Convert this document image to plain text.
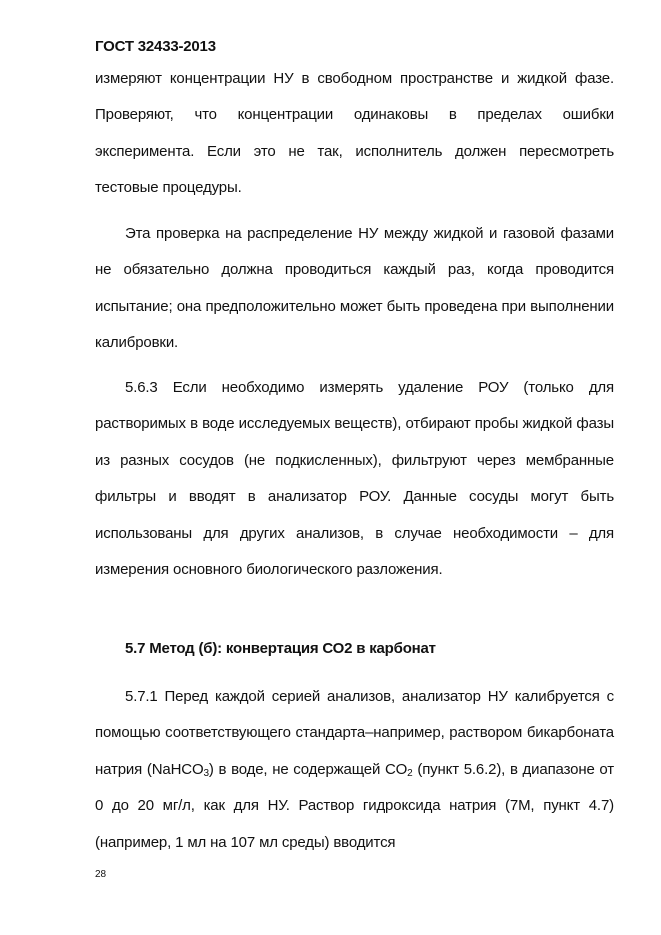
ГОСТ 32433-2013
измеряют концентрации НУ в свободном пространстве и жидкой фазе. Проверяют, что концентрации одинаковы в пределах ошибки эксперимента. Если это не так, исполнитель должен пересмотреть тестовые процедуры.
Эта проверка на распределение НУ между жидкой и газовой фазами не обязательно должна проводиться каждый раз, когда проводится испытание; она предположительно может быть проведена при выполнении калибровки.
5.6.3 Если необходимо измерять удаление РОУ (только для растворимых в воде исследуемых веществ), отбирают пробы жидкой фазы из разных сосудов (не подкисленных), фильтруют через мембранные фильтры и вводят в анализатор РОУ. Данные сосуды могут быть использованы для других анализов, в случае необходимости – для измерения основного биологического разложения.
5.7 Метод (б): конвертация СО2 в карбонат
5.7.1 Перед каждой серией анализов, анализатор НУ калибруется с помощью соответствующего стандарта–например, раствором бикарбоната натрия (NaHCO$_3$) в воде, не содержащей $CO_2$ (пункт 5.6.2), в диапазоне от 0 до 20 мг/л, как для НУ. Раствор гидроксида натрия (7М, пункт 4.7) (например, 1 мл на 107 мл среды) вводится
28
